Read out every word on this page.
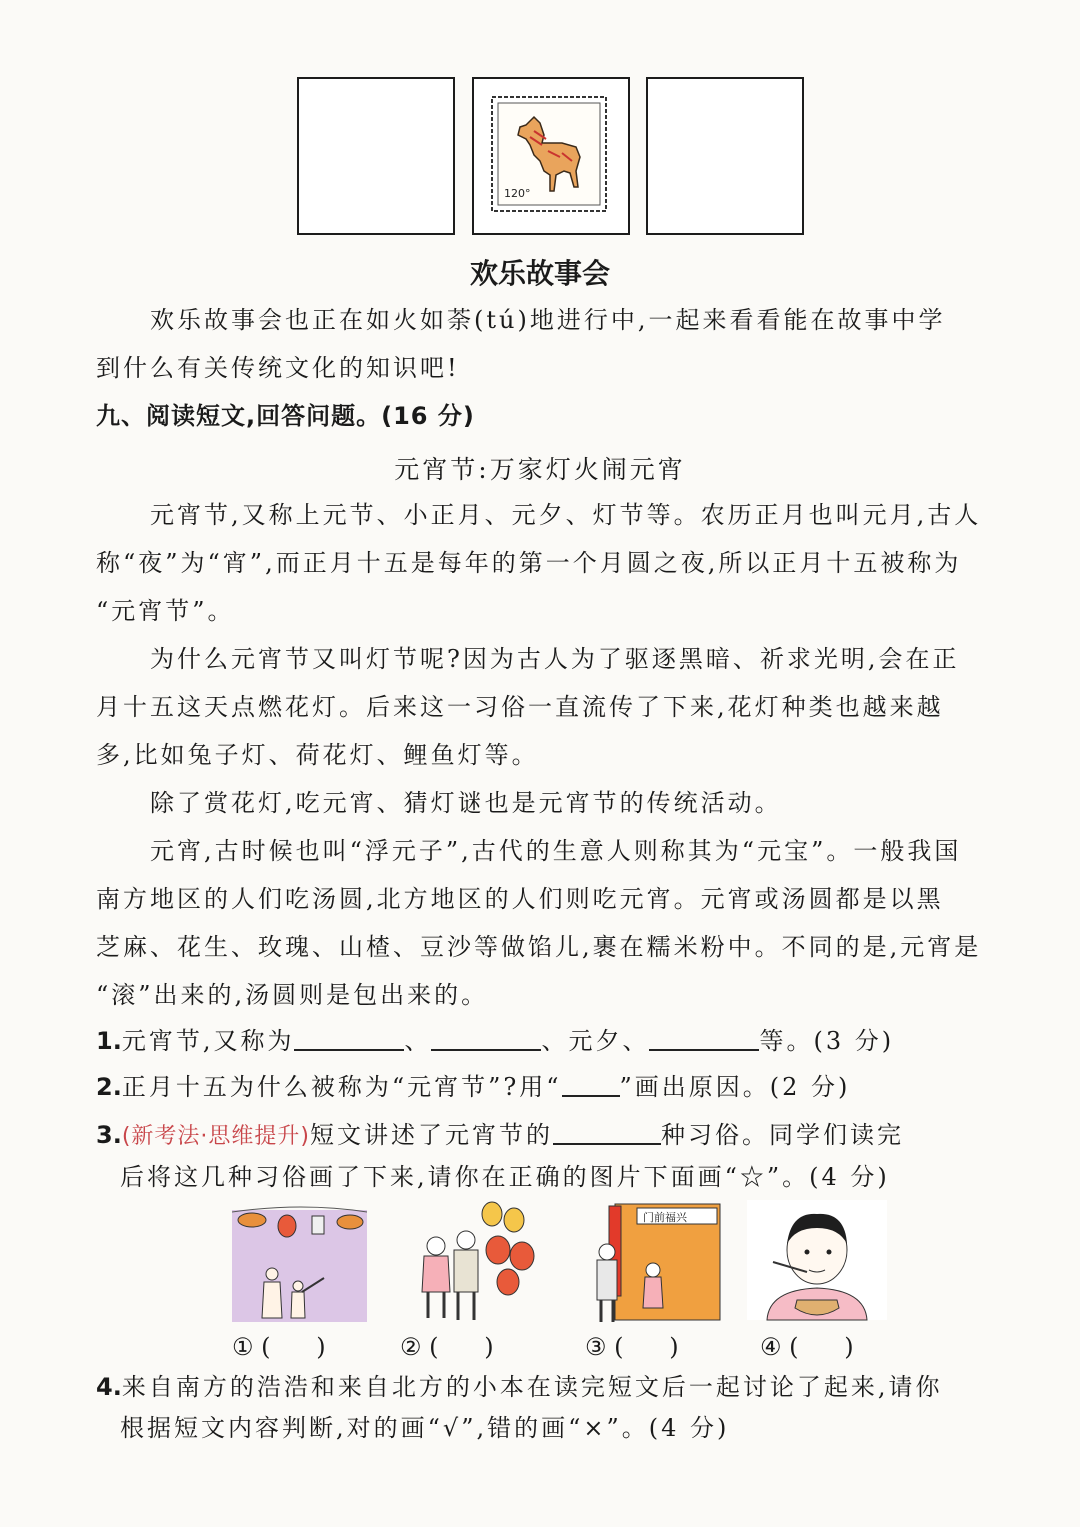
120°
欢乐故事会
欢乐故事会也正在如火如荼(tú)地进行中,一起来看看能在故事中学
到什么有关传统文化的知识吧!
九、阅读短文,回答问题。(16 分)
元宵节:万家灯火闹元宵
元宵节,又称上元节、小正月、元夕、灯节等。农历正月也叫元月,古人
称“夜”为“宵”,而正月十五是每年的第一个月圆之夜,所以正月十五被称为
“元宵节”。
为什么元宵节又叫灯节呢?因为古人为了驱逐黑暗、祈求光明,会在正
月十五这天点燃花灯。后来这一习俗一直流传了下来,花灯种类也越来越
多,比如兔子灯、荷花灯、鲤鱼灯等。
除了赏花灯,吃元宵、猜灯谜也是元宵节的传统活动。
元宵,古时候也叫“浮元子”,古代的生意人则称其为“元宝”。一般我国
南方地区的人们吃汤圆,北方地区的人们则吃元宵。元宵或汤圆都是以黑
芝麻、花生、玫瑰、山楂、豆沙等做馅儿,裹在糯米粉中。不同的是,元宵是
“滚”出来的,汤圆则是包出来的。
1.元宵节,又称为	、	、元夕、	等。(3 分)
2.正月十五为什么被称为“元宵节”?用“ ”画出原因。(2 分)
3.(新考法·思维提升)短文讲述了元宵节的	种习俗。同学们读完
后将这几种习俗画了下来,请你在正确的图片下面画“☆”。(4 分)
门前福兴
① (      )	② (      )	③ (      )	④ (      )
4.来自南方的浩浩和来自北方的小本在读完短文后一起讨论了起来,请你
根据短文内容判断,对的画“√”,错的画“×”。(4 分)
